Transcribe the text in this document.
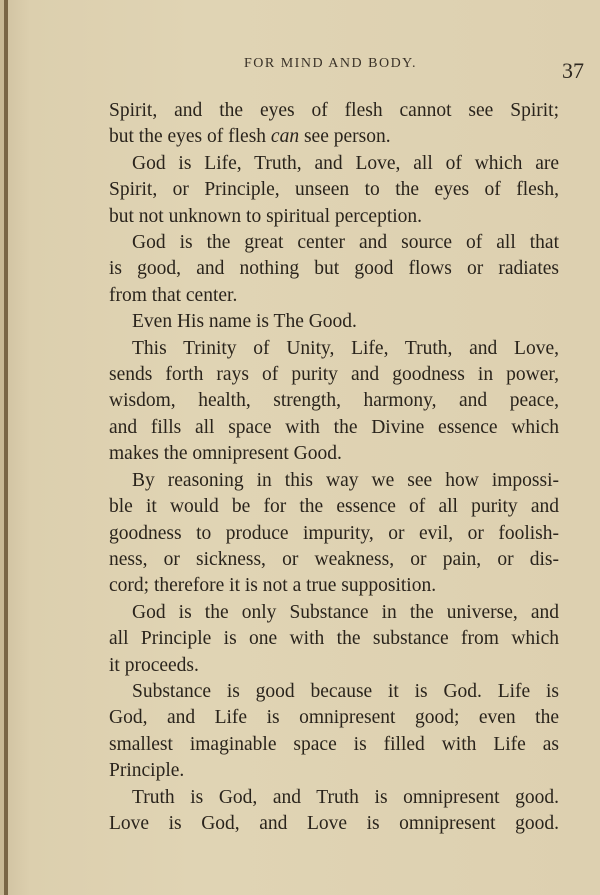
FOR MIND AND BODY.	37
Spirit, and the eyes of flesh cannot see Spirit;
but the eyes of flesh can see person.
God is Life, Truth, and Love, all of which are
Spirit, or Principle, unseen to the eyes of flesh,
but not unknown to spiritual perception.
God is the great center and source of all that
is good, and nothing but good flows or radiates
from that center.
Even His name is The Good.
This Trinity of Unity, Life, Truth, and Love,
sends forth rays of purity and goodness in power,
wisdom, health, strength, harmony, and peace,
and fills all space with the Divine essence which
makes the omnipresent Good.
By reasoning in this way we see how impossi-
ble it would be for the essence of all purity and
goodness to produce impurity, or evil, or foolish-
ness, or sickness, or weakness, or pain, or dis-
cord; therefore it is not a true supposition.
God is the only Substance in the universe, and
all Principle is one with the substance from which
it proceeds.
Substance is good because it is God. Life is
God, and Life is omnipresent good; even the
smallest imaginable space is filled with Life as
Principle.
Truth is God, and Truth is omnipresent good.
Love is God, and Love is omnipresent good.
